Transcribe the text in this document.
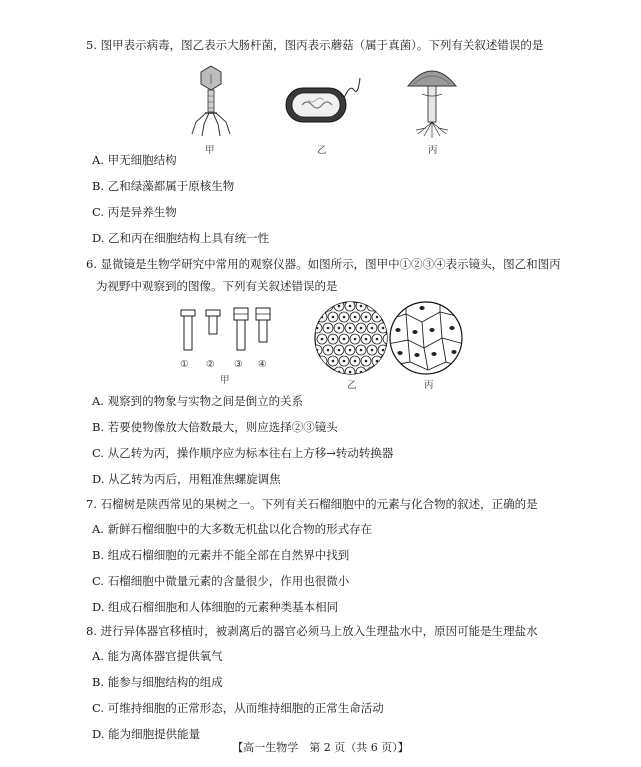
5. 图甲表示病毒，图乙表示大肠杆菌，图丙表示蘑菇（属于真菌）。下列有关叙述错误的是
甲	乙	丙
A. 甲无细胞结构
B. 乙和绿藻都属于原核生物
C. 丙是异养生物
D. 乙和丙在细胞结构上具有统一性
6. 显微镜是生物学研究中常用的观察仪器。如图所示，图甲中①②③④表示镜头，图乙和图丙
为视野中观察到的图像。下列有关叙述错误的是
① ② ③ ④
甲	乙	丙
A. 观察到的物象与实物之间是倒立的关系
B. 若要使物像放大倍数最大，则应选择②③镜头
C. 从乙转为丙，操作顺序应为标本往右上方移→转动转换器
D. 从乙转为丙后，用粗准焦螺旋调焦
7. 石榴树是陕西常见的果树之一。下列有关石榴细胞中的元素与化合物的叙述，正确的是
A. 新鲜石榴细胞中的大多数无机盐以化合物的形式存在
B. 组成石榴细胞的元素并不能全部在自然界中找到
C. 石榴细胞中微量元素的含量很少，作用也很微小
D. 组成石榴细胞和人体细胞的元素种类基本相同
8. 进行异体器官移植时，被剥离后的器官必须马上放入生理盐水中，原因可能是生理盐水
A. 能为离体器官提供氧气
B. 能参与细胞结构的组成
C. 可维持细胞的正常形态，从而维持细胞的正常生命活动
D. 能为细胞提供能量
【高一生物学　第 2 页（共 6 页）】
